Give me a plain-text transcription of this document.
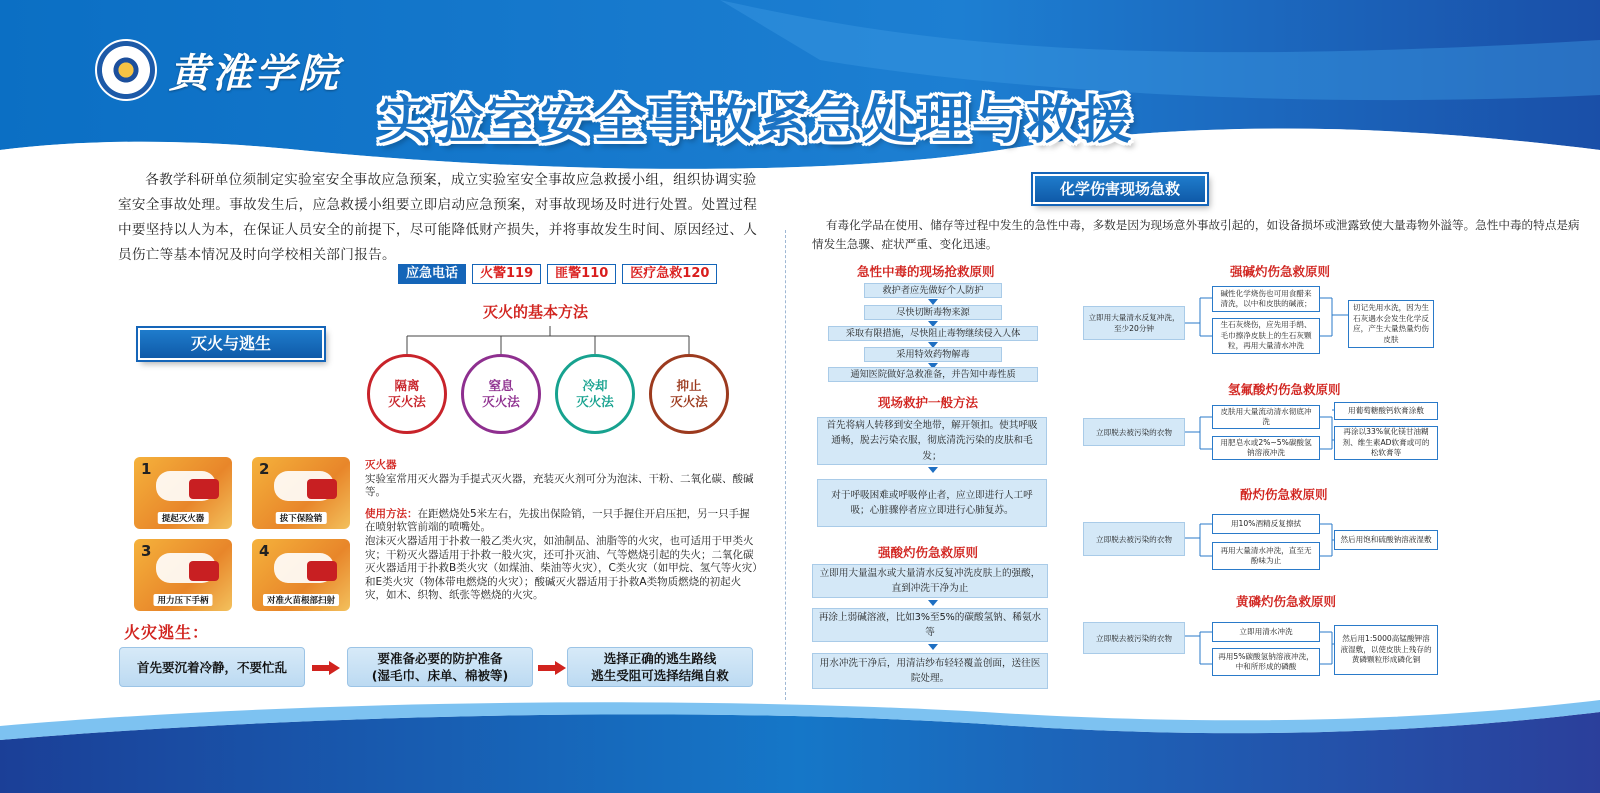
黄淮学院
实验室安全事故紧急处理与救援
各教学科研单位须制定实验室安全事故应急预案，成立实验室安全事故应急救援小组，组织协调实验室安全事故处理。事故发生后，应急救援小组要立即启动应急预案，对事故现场及时进行处置。处置过程中要坚持以人为本，在保证人员安全的前提下，尽可能降低财产损失，并将事故发生时间、原因经过、人员伤亡等基本情况及时向学校相关部门报告。
应急电话	火警119	匪警110	医疗急救120
灭火与逃生
灭火的基本方法
隔离
灭火法
窒息
灭火法
冷却
灭火法
抑止
灭火法
1
提起灭火器
2
拔下保险销
3
用力压下手柄
4
对准火苗根部扫射
灭火器
实验室常用灭火器为手提式灭火器，充装灭火剂可分为泡沫、干粉、二氧化碳、酸碱等。
使用方法：在距燃烧处5米左右，先拔出保险销，一只手握住开启压把，另一只手握在喷射软管前端的喷嘴处。
泡沫灭火器适用于扑救一般乙类火灾，如油制品、油脂等的火灾，也可适用于甲类火灾；干粉灭火器适用于扑救一般火灾，还可扑灭油、气等燃烧引起的失火；二氧化碳灭火器适用于扑救B类火灾（如煤油、柴油等火灾），C类火灾（如甲烷、氢气等火灾）和E类火灾（物体带电燃烧的火灾）；酸碱灭火器适用于扑救A类物质燃烧的初起火灾，如木、织物、纸张等燃烧的火灾。
火灾逃生：
首先要沉着冷静，不要忙乱
要准备必要的防护准备
(湿毛巾、床单、棉被等)
选择正确的逃生路线
逃生受阻可选择结绳自救
化学伤害现场急救
有毒化学品在使用、储存等过程中发生的急性中毒，多数是因为现场意外事故引起的，如设备损坏或泄露致使大量毒物外溢等。急性中毒的特点是病情发生急骤、症状严重、变化迅速。
急性中毒的现场抢救原则
救护者应先做好个人防护
尽快切断毒物来源
采取有限措施，尽快阻止毒物继续侵入人体
采用特效药物解毒
通知医院做好急救准备，并告知中毒性质
现场救护一般方法
首先将病人转移到安全地带，解开领扣。使其呼吸通畅，脱去污染衣服，彻底清洗污染的皮肤和毛发；
对于呼吸困难或呼吸停止者，应立即进行人工呼吸；心脏骤停者应立即进行心肺复苏。
强酸灼伤急救原则
立即用大量温水或大量清水反复冲洗皮肤上的强酸，直到冲洗干净为止
再涂上弱碱溶液，比如3%至5%的碳酸氢钠、稀氨水等
用水冲洗干净后，用清洁纱布轻轻覆盖创面，送往医院处理。
强碱灼伤急救原则
立即用大量清水反复冲洗，至少20分钟
碱性化学烧伤也可用食醋来清洗，以中和皮肤的碱液；
生石灰烧伤，应先用手绢、毛巾擦净皮肤上的生石灰颗粒，再用大量清水冲洗
切记先用水洗，因为生石灰遇水会发生化学反应，产生大量热量灼伤皮肤
氢氟酸灼伤急救原则
立即脱去被污染的衣物
皮肤用大量流动清水彻底冲洗
用肥皂水或2%~5%碳酸氢钠溶液冲洗
用葡萄糖酸钙软膏涂敷
再涂以33%氧化镁甘油糊剂、维生素AD软膏或可的松软膏等
酚灼伤急救原则
立即脱去被污染的衣物
用10%酒精反复擦拭
再用大量清水冲洗，直至无酚味为止
然后用饱和硫酸钠溶液湿敷
黄磷灼伤急救原则
立即脱去被污染的衣物
立即用清水冲洗
再用5%碳酸氢钠溶液冲洗，中和所形成的磷酸
然后用1:5000高锰酸钾溶液湿敷，以使皮肤上残存的黄磷颗粒形成磷化铜
